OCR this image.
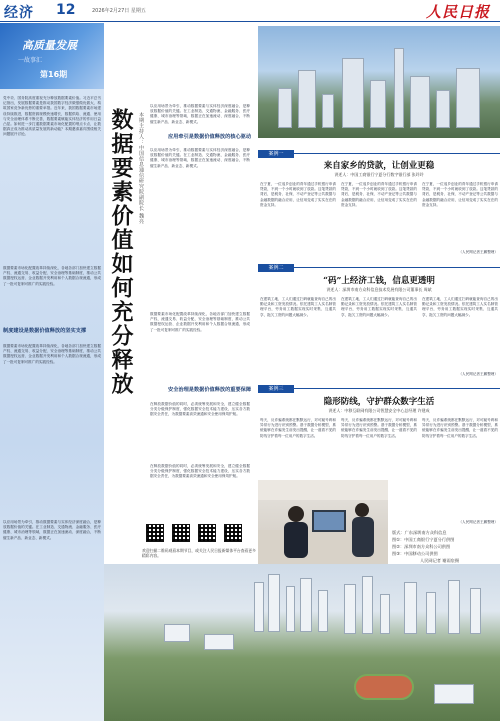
经济 12	2026年2月27日 星期五	人民日报
高质量发展
一故事汇
第16期
党中央、国务院高度重视充分释放数据要素价值。习近平总书记指出，发展数据要素是推动我国数字经济做强做优做大、构筑国家竞争新优势的重要举措。近年来，我国数据要素市场建设持续推进，数据资源规模快速增长，数据供给、流通、使用与安全治理体系不断完善，数据要素赋能实体经济的作用日益凸显。如何进一步打通数据要素市场化配置的堵点卡点，让数据真正成为推动高质量发展的新动能？本期邀请嘉宾围绕相关问题展开讨论。
数据要素市场化配置改革持续深化，各地各部门加快建立数据产权、流通交易、收益分配、安全治理等基础制度，推动公共数据授权运营、企业数据开发利用和个人数据合规流通，形成了一批可复制可推广的实践经验。
制度建设是数据价值释放的坚实支撑
数据要素市场化配置改革持续深化，各地各部门加快建立数据产权、流通交易、收益分配、安全治理等基础制度，推动公共数据授权运营、企业数据开发利用和个人数据合规流通，形成了一批可复制可推广的实践经验。
以应用场景为牵引，推动数据要素与实体经济深度融合，是释放数据价值的关键。在工业制造、交通物流、金融服务、医疗健康、城市治理等领域，数据正在加速流动、深度融合，不断催生新产品、新业态、新模式。
数据要素价值如何充分释放 本期主持人：中国信息通信研究院副院长 魏亮
以应用场景为牵引，推动数据要素与实体经济深度融合，是释放数据价值的关键。在工业制造、交通物流、金融服务、医疗健康、城市治理等领域，数据正在加速流动、深度融合，不断催生新产品、新业态、新模式。
应用牵引是数据价值释放的核心驱动
以应用场景为牵引，推动数据要素与实体经济深度融合，是释放数据价值的关键。在工业制造、交通物流、金融服务、医疗健康、城市治理等领域，数据正在加速流动、深度融合，不断催生新产品、新业态、新模式。
数据要素市场化配置改革持续深化，各地各部门加快建立数据产权、流通交易、收益分配、安全治理等基础制度，推动公共数据授权运营、企业数据开发利用和个人数据合规流通，形成了一批可复制可推广的实践经验。
安全治理是数据价值释放的重要保障
在释放数据价值的同时，必须统筹发展和安全，建立健全数据分类分级保护制度，强化数据安全技术能力建设，压实各方数据安全责任，为数据要素高效流通和安全使用保驾护航。
在释放数据价值的同时，必须统筹发展和安全，建立健全数据分类分级保护制度，强化数据安全技术能力建设，压实各方数据安全责任，为数据要素高效流通和安全使用保驾护航。
欢迎扫描二维码观看本期节目，或关注人民日报新媒体平台查看更多精彩内容。
案例一
来自家乡的贷款，让创业更稳
讲述人：中国工商银行宁夏分行数字银行部 张玲玲
在宁夏，一位返乡创业的青年通过手机银行申请贷款，不到一个小时就收到了放款。这笔贷款的背后，是税务、社保、不动产登记等公共数据与金融数据的融合应用，让信用变成了实实在在的资金支持。
在宁夏，一位返乡创业的青年通过手机银行申请贷款，不到一个小时就收到了放款。这笔贷款的背后，是税务、社保、不动产登记等公共数据与金融数据的融合应用，让信用变成了实实在在的资金支持。
在宁夏，一位返乡创业的青年通过手机银行申请贷款，不到一个小时就收到了放款。这笔贷款的背后，是税务、社保、不动产登记等公共数据与金融数据的融合应用，让信用变成了实实在在的资金支持。
（人民网记者王鹏整理）
案例二
“码”上经济工钱，信息更透明
讲述人：深圳市南方众科信息技术发展有限公司董事长 周斌
在建筑工地，工人们通过扫码就能查询自己的出勤记录和工资发放情况。依托建筑工人实名制管理平台，劳务用工数据实现实时采集、互通共享，拖欠工资的问题大幅减少。
在建筑工地，工人们通过扫码就能查询自己的出勤记录和工资发放情况。依托建筑工人实名制管理平台，劳务用工数据实现实时采集、互通共享，拖欠工资的问题大幅减少。
在建筑工地，工人们通过扫码就能查询自己的出勤记录和工资发放情况。依托建筑工人实名制管理平台，劳务用工数据实现实时采集、互通共享，拖欠工资的问题大幅减少。
（人民网记者王鹏整理）
案例三
隐形防线，守护群众数字生活
讲述人：中移互联网有限公司智慧安全中心总经理 许建成
每天，反诈骗系统都在默默运行，对可疑号码和异常行为进行识别预警。基于数据分析模型，系统能够在诈骗发生前发出提醒，让一道看不见的防线守护着每一位用户的数字生活。
每天，反诈骗系统都在默默运行，对可疑号码和异常行为进行识别预警。基于数据分析模型，系统能够在诈骗发生前发出提醒，让一道看不见的防线守护着每一位用户的数字生活。
每天，反诈骗系统都在默默运行，对可疑号码和异常行为进行识别预警。基于数据分析模型，系统能够在诈骗发生前发出提醒，让一道看不见的防线守护着每一位用户的数字生活。
（人民网记者王鹏整理）
版式：广东深圳南方众科信息
图①：中国工商银行宁夏分行供图
图②：深圳市南方众科公司供图
图③：中国移动公司供图
人民网记者 谢雨宸摄
